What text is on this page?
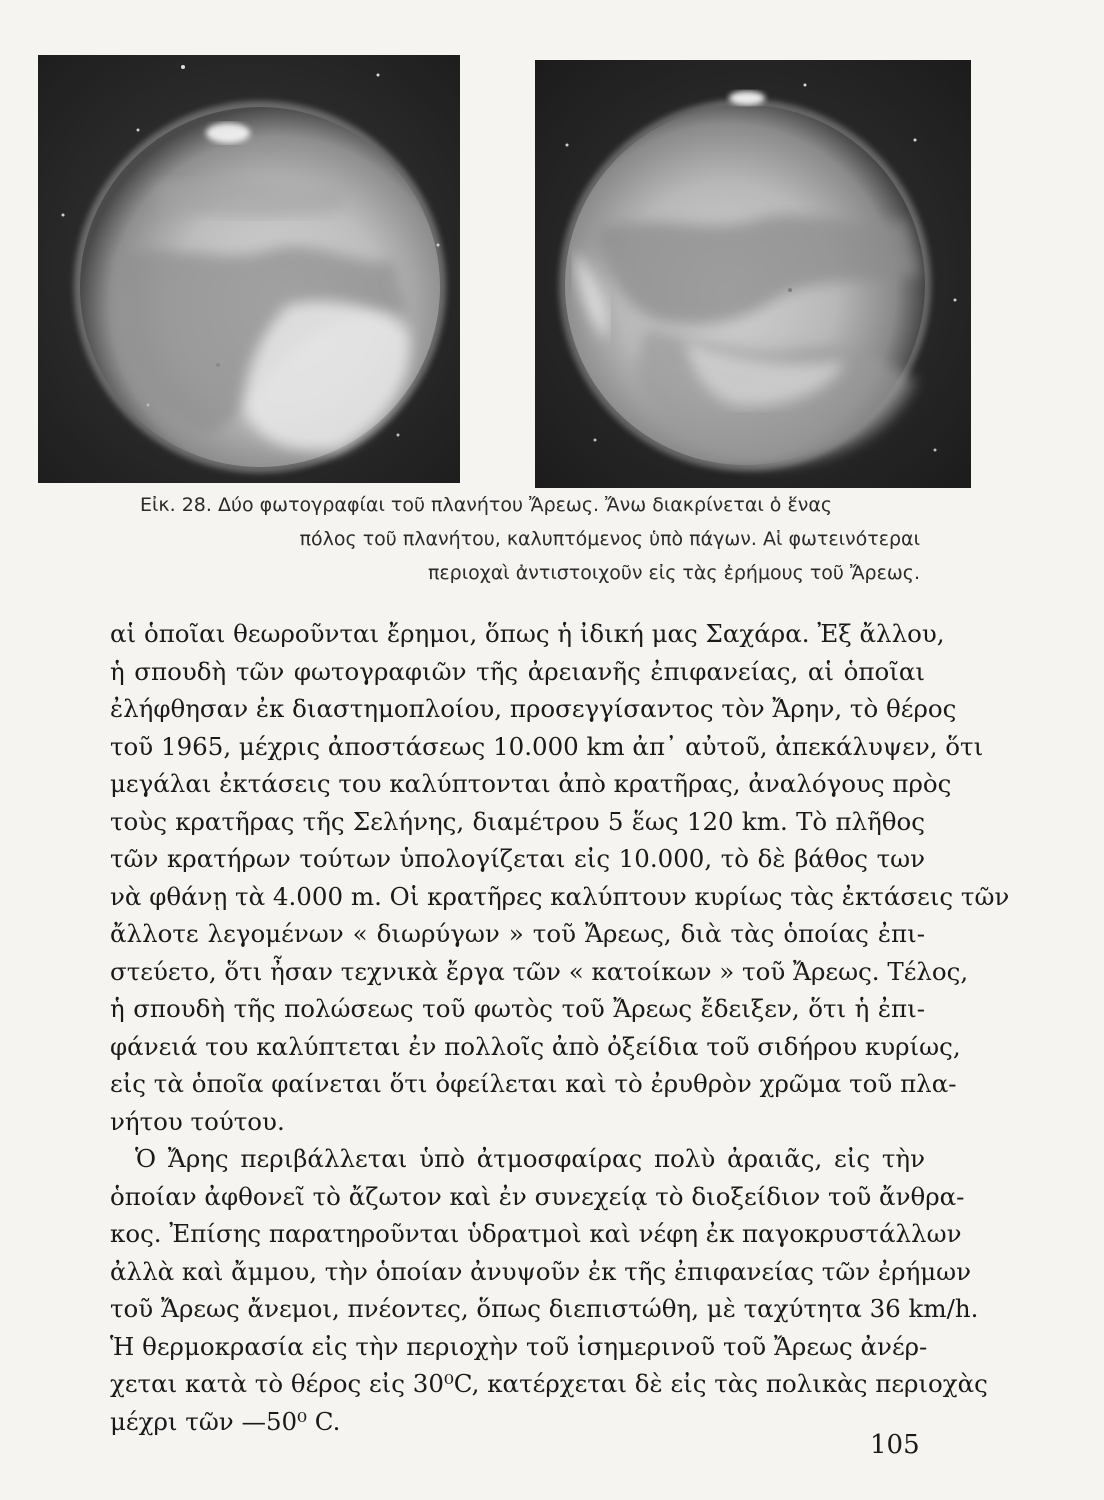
Εἰκ. 28. Δύο φωτογραφίαι τοῦ πλανήτου Ἄρεως. Ἄνω διακρίνεται ὁ ἕνας
πόλος τοῦ πλανήτου, καλυπτόμενος ὑπὸ πάγων. Αἱ φωτεινότεραι
περιοχαὶ ἀντιστοιχοῦν εἰς τὰς ἐρήμους τοῦ Ἄρεως.
αἱ ὁποῖαι θεωροῦνται ἔρημοι, ὅπως ἡ ἰδική μας Σαχάρα. Ἐξ ἄλλου,
ἡ σπουδὴ τῶν φωτογραφιῶν τῆς ἀρειανῆς ἐπιφανείας, αἱ ὁποῖαι
ἐλήφθησαν ἐκ διαστημοπλοίου, προσεγγίσαντος τὸν Ἄρην, τὸ θέρος
τοῦ 1965, μέχρις ἀποστάσεως 10.000 km ἀπ᾽ αὐτοῦ, ἀπεκάλυψεν, ὅτι
μεγάλαι ἐκτάσεις του καλύπτονται ἀπὸ κρατῆρας, ἀναλόγους πρὸς
τοὺς κρατῆρας τῆς Σελήνης, διαμέτρου 5 ἕως 120 km. Τὸ πλῆθος
τῶν κρατήρων τούτων ὑπολογίζεται εἰς 10.000, τὸ δὲ βάθος των
νὰ φθάνῃ τὰ 4.000 m. Οἱ κρατῆρες καλύπτουν κυρίως τὰς ἐκτάσεις τῶν
ἄλλοτε λεγομένων « διωρύγων » τοῦ Ἄρεως, διὰ τὰς ὁποίας ἐπι-
στεύετο, ὅτι ἦσαν τεχνικὰ ἔργα τῶν « κατοίκων » τοῦ Ἄρεως. Τέλος,
ἡ σπουδὴ τῆς πολώσεως τοῦ φωτὸς τοῦ Ἄρεως ἔδειξεν, ὅτι ἡ ἐπι-
φάνειά του καλύπτεται ἐν πολλοῖς ἀπὸ ὀξείδια τοῦ σιδήρου κυρίως,
εἰς τὰ ὁποῖα φαίνεται ὅτι ὀφείλεται καὶ τὸ ἐρυθρὸν χρῶμα τοῦ πλα-
νήτου τούτου.
Ὁ Ἄρης περιβάλλεται ὑπὸ ἀτμοσφαίρας πολὺ ἀραιᾶς, εἰς τὴν
ὁποίαν ἀφθονεῖ τὸ ἄζωτον καὶ ἐν συνεχείᾳ τὸ διοξείδιον τοῦ ἄνθρα-
κος. Ἐπίσης παρατηροῦνται ὑδρατμοὶ καὶ νέφη ἐκ παγοκρυστάλλων
ἀλλὰ καὶ ἄμμου, τὴν ὁποίαν ἀνυψοῦν ἐκ τῆς ἐπιφανείας τῶν ἐρήμων
τοῦ Ἄρεως ἄνεμοι, πνέοντες, ὅπως διεπιστώθη, μὲ ταχύτητα 36 km/h.
Ἡ θερμοκρασία εἰς τὴν περιοχὴν τοῦ ἰσημερινοῦ τοῦ Ἄρεως ἀνέρ-
χεται κατὰ τὸ θέρος εἰς 30⁰C, κατέρχεται δὲ εἰς τὰς πολικὰς περιοχὰς
μέχρι τῶν —50⁰ C.
105
